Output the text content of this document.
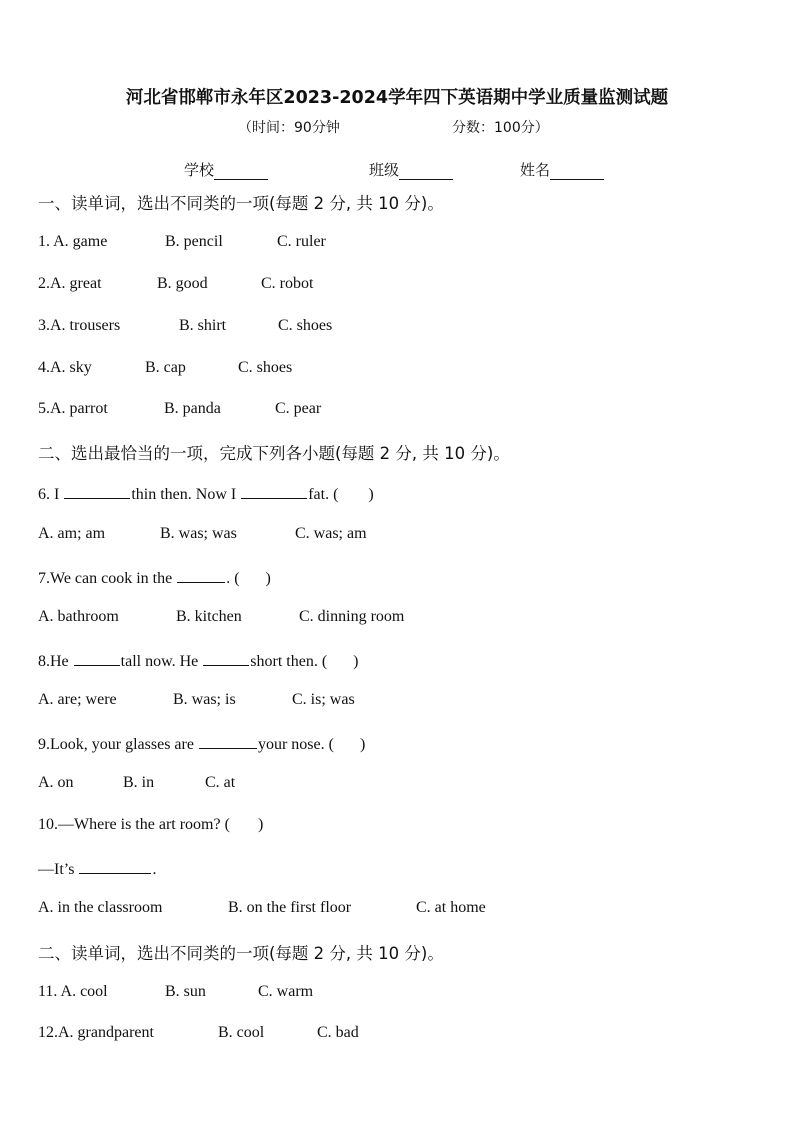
河北省邯郸市永年区2023-2024学年四下英语期中学业质量监测试题
（时间：90分钟	分数：100分）
学校	班级	姓名
一、读单词，选出不同类的一项(每题 2 分, 共 10 分)。
1. A. game	B. pencil	C. ruler
2.A. great	B. good	C. robot
3.A. trousers	B. shirt	C. shoes
4.A. sky	B. cap	C. shoes
5.A. parrot	B. panda	C. pear
二、选出最恰当的一项，完成下列各小题(每题 2 分, 共 10 分)。
6. I	thin then. Now I	fat. ( )
A. am; am	B. was; was	C. was; am
7.We can cook in the	. ( )
A. bathroom	B. kitchen	C. dinning room
8.He	tall now. He	short then. ( )
A. are; were	B. was; is	C. is; was
9.Look, your glasses are	your nose. ( )
A. on	B. in	C. at
10.—Where is the art room? ( )
—It’s	.
A. in the classroom	B. on the first floor	C. at home
二、读单词，选出不同类的一项(每题 2 分, 共 10 分)。
11. A. cool	B. sun	C. warm
12.A. grandparent	B. cool	C. bad
